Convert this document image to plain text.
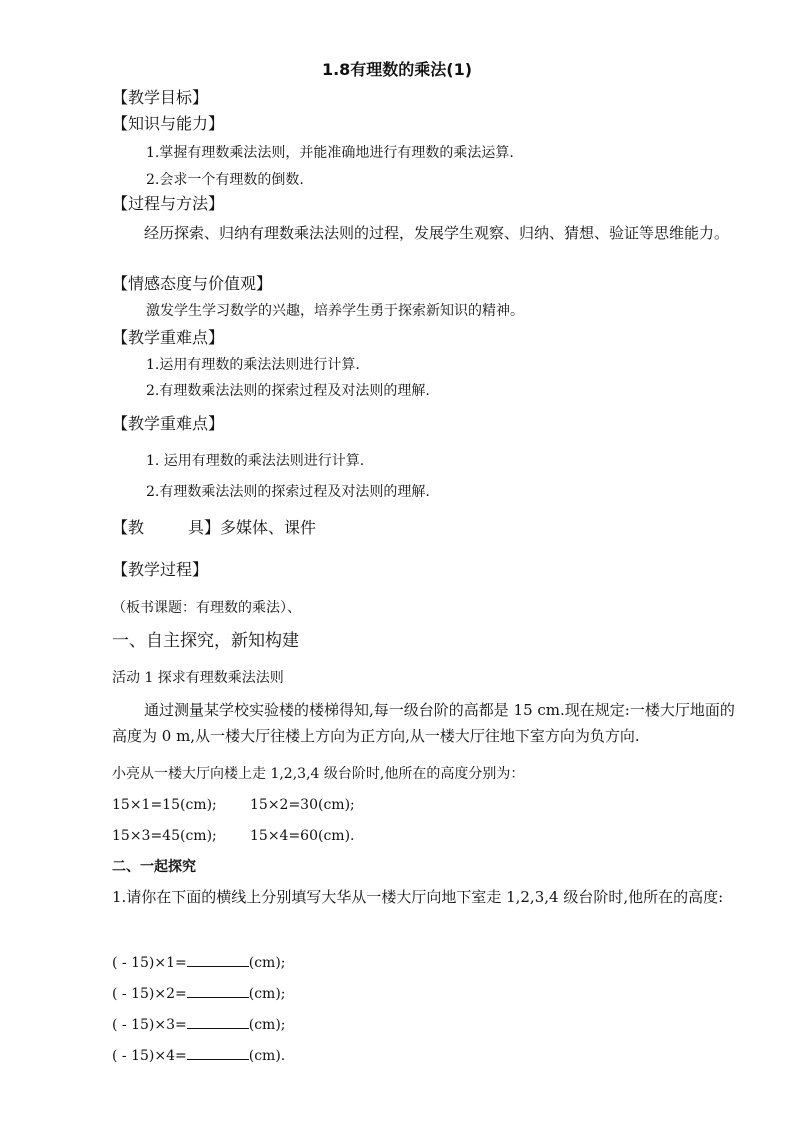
1.8有理数的乘法(1)
【教学目标】
【知识与能力】
1.掌握有理数乘法法则，并能准确地进行有理数的乘法运算.
2.会求一个有理数的倒数.
【过程与方法】
经历探索、归纳有理数乘法法则的过程，发展学生观察、归纳、猜想、验证等思维能力。
【情感态度与价值观】
激发学生学习数学的兴趣，培养学生勇于探索新知识的精神。
【教学重难点】
1.运用有理数的乘法法则进行计算.
2.有理数乘法法则的探索过程及对法则的理解.
【教学重难点】
1. 运用有理数的乘法法则进行计算.
2.有理数乘法法则的探索过程及对法则的理解.
【教	具】多媒体、课件
【教学过程】
（板书课题：有理数的乘法）、
一、自主探究，新知构建
活动 1 探求有理数乘法法则
通过测量某学校实验楼的楼梯得知,每一级台阶的高都是 15 cm.现在规定:一楼大厅地面的高度为 0 m,从一楼大厅往楼上方向为正方向,从一楼大厅往地下室方向为负方向.
小亮从一楼大厅向楼上走 1,2,3,4 级台阶时,他所在的高度分别为：
15×1=15(cm); 15×2=30(cm);
15×3=45(cm); 15×4=60(cm).
二、一起探究
1.请你在下面的横线上分别填写大华从一楼大厅向地下室走 1,2,3,4 级台阶时,他所在的高度:
( - 15)×1=	(cm);
( - 15)×2=	(cm);
( - 15)×3=	(cm);
( - 15)×4=	(cm).
